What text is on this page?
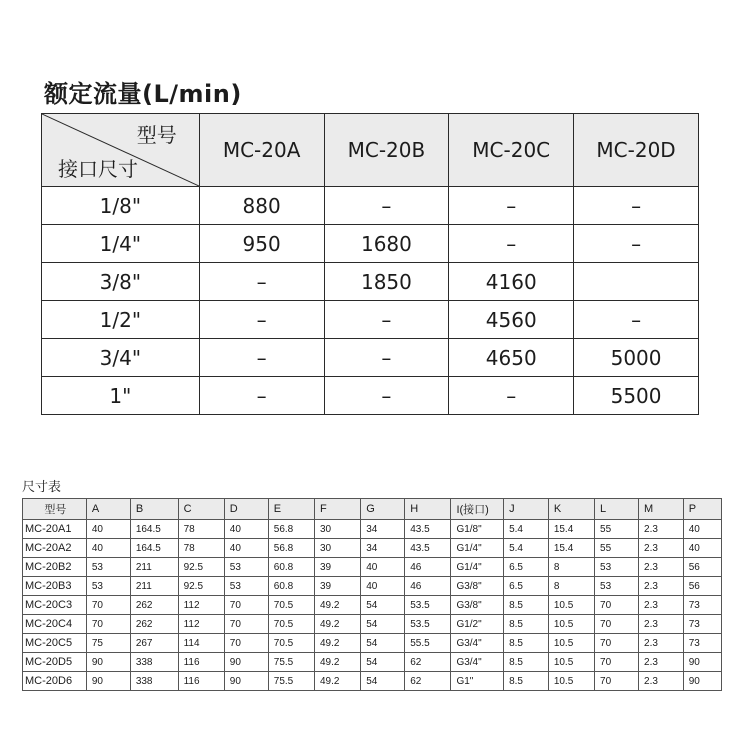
额定流量(L/min)
型号
接口尺寸	MC-20A	MC-20B	MC-20C	MC-20D
1/8"	880	–	–	–
1/4"	950	1680	–	–
3/8"	–	1850	4160	
1/2"	–	–	4560	–
3/4"	–	–	4650	5000
1"	–	–	–	5500
尺寸表
型号	A	B	C	D	E	F	G	H	I(接口)	J	K	L	M	P
MC-20A1	40	164.5	78	40	56.8	30	34	43.5	G1/8"	5.4	15.4	55	2.3	40
MC-20A2	40	164.5	78	40	56.8	30	34	43.5	G1/4"	5.4	15.4	55	2.3	40
MC-20B2	53	211	92.5	53	60.8	39	40	46	G1/4"	6.5	8	53	2.3	56
MC-20B3	53	211	92.5	53	60.8	39	40	46	G3/8"	6.5	8	53	2.3	56
MC-20C3	70	262	112	70	70.5	49.2	54	53.5	G3/8"	8.5	10.5	70	2.3	73
MC-20C4	70	262	112	70	70.5	49.2	54	53.5	G1/2"	8.5	10.5	70	2.3	73
MC-20C5	75	267	114	70	70.5	49.2	54	55.5	G3/4"	8.5	10.5	70	2.3	73
MC-20D5	90	338	116	90	75.5	49.2	54	62	G3/4"	8.5	10.5	70	2.3	90
MC-20D6	90	338	116	90	75.5	49.2	54	62	G1"	8.5	10.5	70	2.3	90
